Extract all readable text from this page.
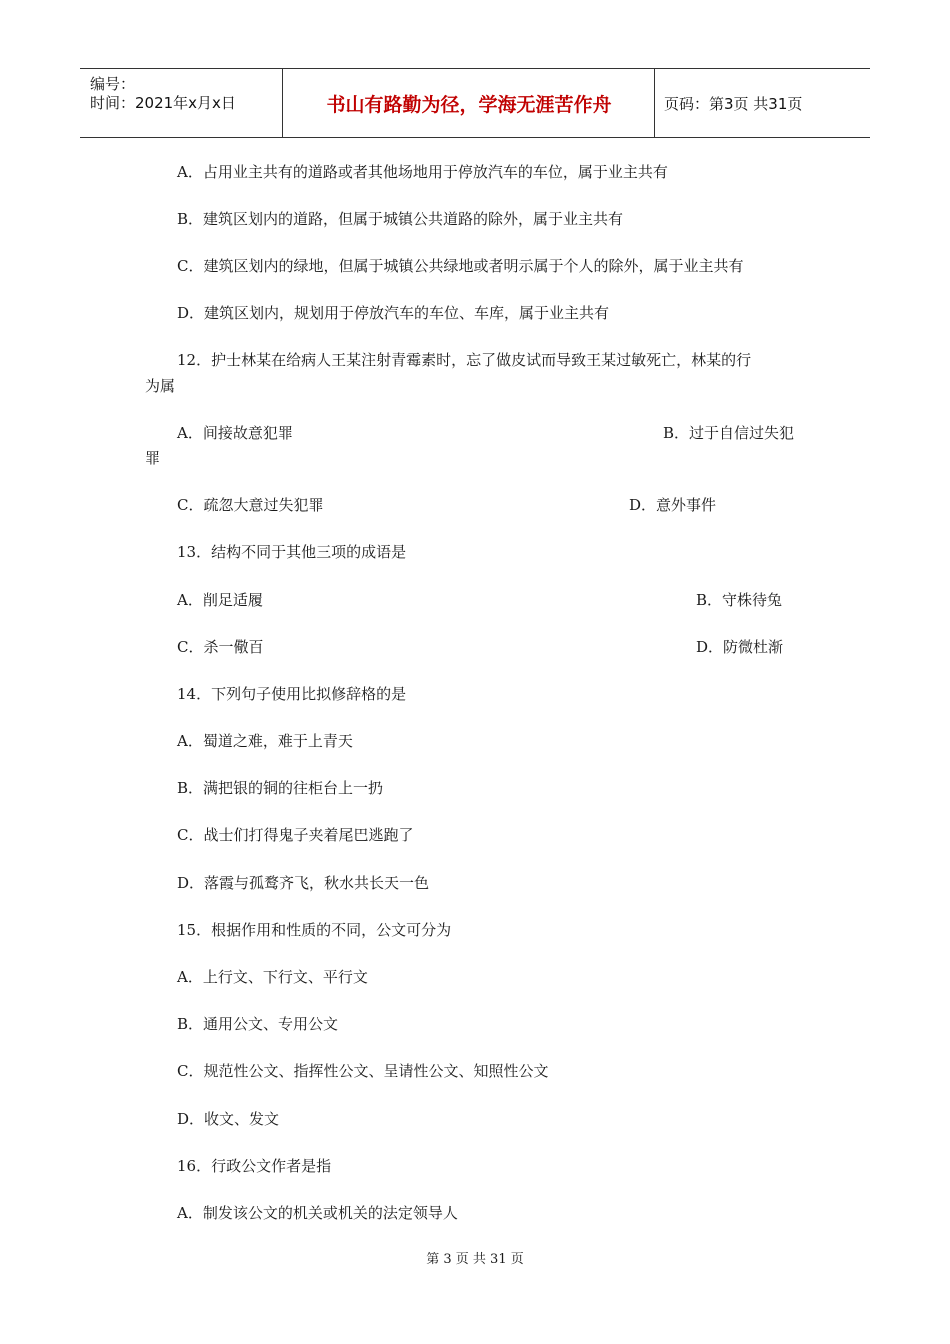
编号：
时间：2021年x月x日	书山有路勤为径，学海无涯苦作舟	页码：第3页 共31页
A．占用业主共有的道路或者其他场地用于停放汽车的车位，属于业主共有
B．建筑区划内的道路，但属于城镇公共道路的除外，属于业主共有
C．建筑区划内的绿地，但属于城镇公共绿地或者明示属于个人的除外，属于业主共有
D．建筑区划内，规划用于停放汽车的车位、车库，属于业主共有
12．护士林某在给病人王某注射青霉素时，忘了做皮试而导致王某过敏死亡，林某的行
为属
A．间接故意犯罪	B．过于自信过失犯
罪
C．疏忽大意过失犯罪	D．意外事件
13．结构不同于其他三项的成语是
A．削足适履	B．守株待兔
C．杀一儆百	D．防微杜渐
14．下列句子使用比拟修辞格的是
A．蜀道之难，难于上青天
B．满把银的铜的往柜台上一扔
C．战士们打得鬼子夹着尾巴逃跑了
D．落霞与孤鹜齐飞，秋水共长天一色
15．根据作用和性质的不同，公文可分为
A．上行文、下行文、平行文
B．通用公文、专用公文
C．规范性公文、指挥性公文、呈请性公文、知照性公文
D．收文、发文
16．行政公文作者是指
A．制发该公文的机关或机关的法定领导人
第 3 页 共 31 页
